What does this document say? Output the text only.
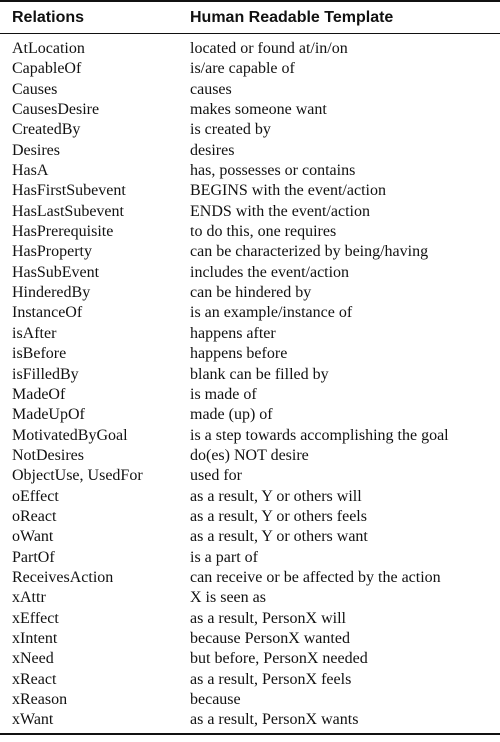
Relations	Human Readable Template
AtLocation	located or found at/in/on
CapableOf	is/are capable of
Causes	causes
CausesDesire	makes someone want
CreatedBy	is created by
Desires	desires
HasA	has, possesses or contains
HasFirstSubevent	BEGINS with the event/action
HasLastSubevent	ENDS with the event/action
HasPrerequisite	to do this, one requires
HasProperty	can be characterized by being/having
HasSubEvent	includes the event/action
HinderedBy	can be hindered by
InstanceOf	is an example/instance of
isAfter	happens after
isBefore	happens before
isFilledBy	blank can be filled by
MadeOf	is made of
MadeUpOf	made (up) of
MotivatedByGoal	is a step towards accomplishing the goal
NotDesires	do(es) NOT desire
ObjectUse, UsedFor	used for
oEffect	as a result, Y or others will
oReact	as a result, Y or others feels
oWant	as a result, Y or others want
PartOf	is a part of
ReceivesAction	can receive or be affected by the action
xAttr	X is seen as
xEffect	as a result, PersonX will
xIntent	because PersonX wanted
xNeed	but before, PersonX needed
xReact	as a result, PersonX feels
xReason	because
xWant	as a result, PersonX wants
